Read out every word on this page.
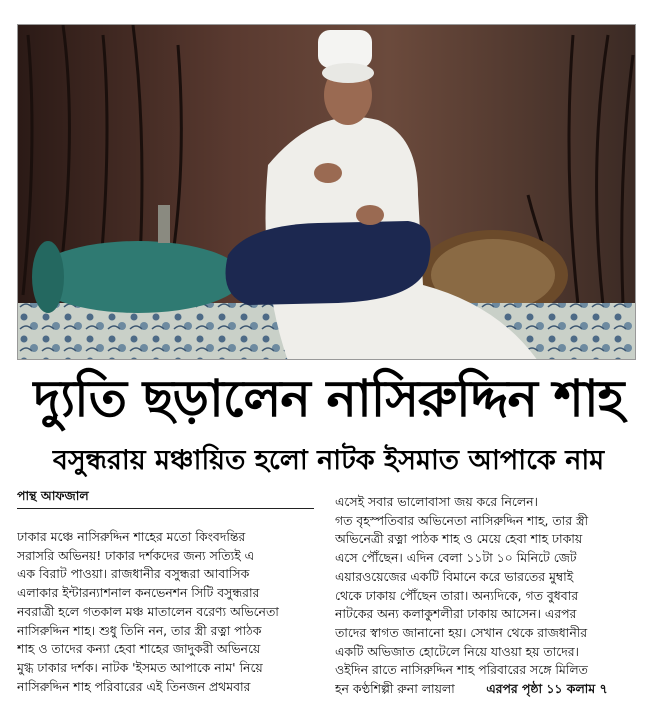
দ্যুতি ছড়ালেন নাসিরুদ্দিন শাহ
বসুন্ধরায় মঞ্চায়িত হলো নাটক ইসমাত আপাকে নাম
পান্থ আফজাল
ঢাকার মঞ্চে নাসিরুদ্দিন শাহের মতো কিংবদন্তির
সরাসরি অভিনয়! ঢাকার দর্শকদের জন্য সত্যিই এ
এক বিরাট পাওয়া। রাজধানীর বসুন্ধরা আবাসিক
এলাকার ইন্টারন্যাশনাল কনভেনশন সিটি বসুন্ধরার
নবরাত্রী হলে গতকাল মঞ্চ মাতালেন বরেণ্য অভিনেতা
নাসিরুদ্দিন শাহ। শুধু তিনি নন, তার স্ত্রী রত্না পাঠক
শাহ ও তাদের কন্যা হেবা শাহের জাদুকরী অভিনয়ে
মুগ্ধ ঢাকার দর্শক। নাটক 'ইসমত আপাকে নাম' নিয়ে
নাসিরুদ্দিন শাহ পরিবারের এই তিনজন প্রথমবার
এসেই সবার ভালোবাসা জয় করে নিলেন।
গত বৃহস্পতিবার অভিনেতা নাসিরুদ্দিন শাহ, তার স্ত্রী
অভিনেত্রী রত্না পাঠক শাহ ও মেয়ে হেবা শাহ ঢাকায়
এসে পৌঁছেন। এদিন বেলা ১১টা ১০ মিনিটে জেট
এয়ারওয়েজের একটি বিমানে করে ভারতের মুম্বাই
থেকে ঢাকায় পৌঁছেন তারা। অন্যদিকে, গত বুধবার
নাটকের অন্য কলাকুশলীরা ঢাকায় আসেন। এরপর
তাদের স্বাগত জানানো হয়। সেখান থেকে রাজধানীর
একটি অভিজাত হোটেলে নিয়ে যাওয়া হয় তাদের।
ওইদিন রাতে নাসিরুদ্দিন শাহ পরিবারের সঙ্গে মিলিত
হন কণ্ঠশিল্পী রুনা লায়লা	এরপর পৃষ্ঠা ১১ কলাম ৭
